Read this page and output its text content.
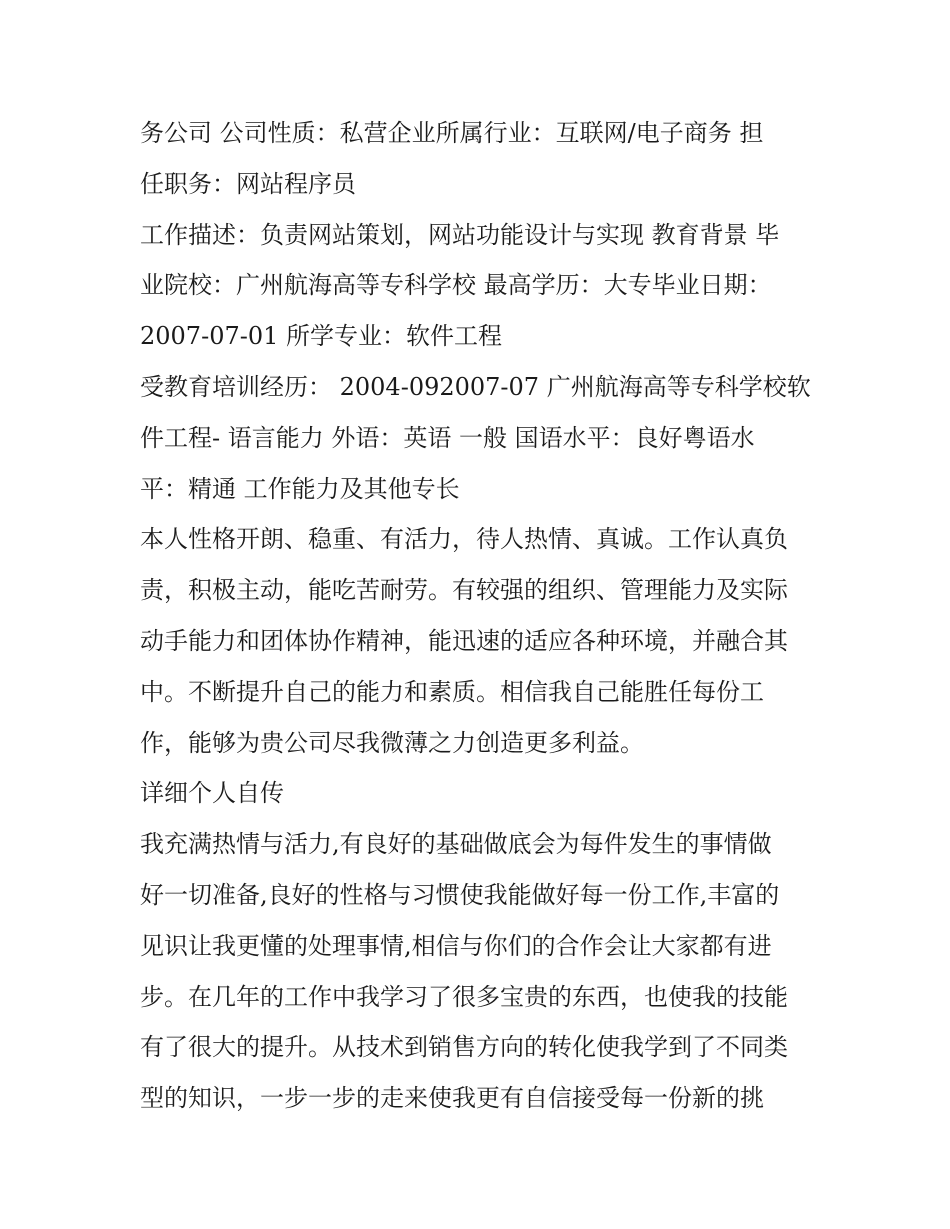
务公司 公司性质：私营企业所属行业：互联网/电子商务 担
任职务：网站程序员
工作描述：负责网站策划，网站功能设计与实现 教育背景 毕
业院校：广州航海高等专科学校 最高学历：大专毕业日期：
2007-07-01 所学专业：软件工程
受教育培训经历： 2004-092007-07 广州航海高等专科学校软
件工程- 语言能力 外语：英语 一般 国语水平：良好粤语水
平：精通 工作能力及其他专长
本人性格开朗、稳重、有活力，待人热情、真诚。工作认真负
责，积极主动，能吃苦耐劳。有较强的组织、管理能力及实际
动手能力和团体协作精神，能迅速的适应各种环境，并融合其
中。不断提升自己的能力和素质。相信我自己能胜任每份工
作，能够为贵公司尽我微薄之力创造更多利益。
详细个人自传
我充满热情与活力,有良好的基础做底会为每件发生的事情做
好一切准备,良好的性格与习惯使我能做好每一份工作,丰富的
见识让我更懂的处理事情,相信与你们的合作会让大家都有进
步。在几年的工作中我学习了很多宝贵的东西，也使我的技能
有了很大的提升。从技术到销售方向的转化使我学到了不同类
型的知识，一步一步的走来使我更有自信接受每一份新的挑
